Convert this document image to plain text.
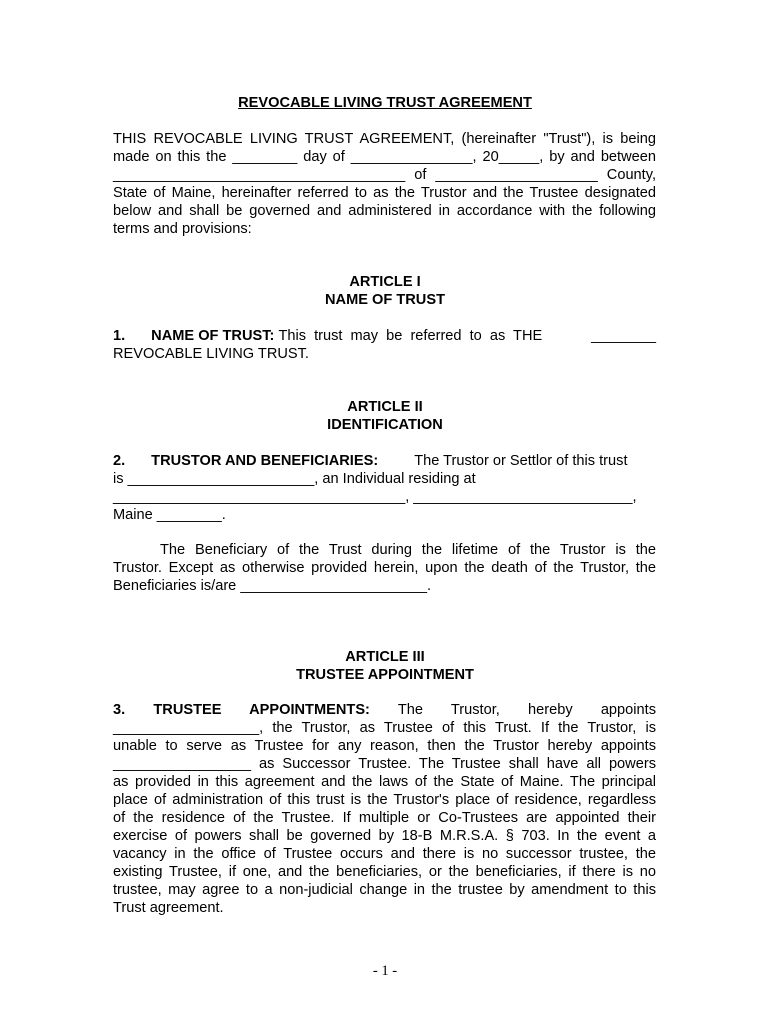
REVOCABLE LIVING TRUST AGREEMENT
THIS REVOCABLE LIVING TRUST AGREEMENT, (hereinafter "Trust"), is being
made on this the ________ day of _______________, 20_____, by and between
____________________________________ of ____________________ County,
State of Maine, hereinafter referred to as the Trustor and the Trustee designated
below and shall be governed and administered in accordance with the following
terms and provisions:
ARTICLE I
NAME OF TRUST
1. NAME OF TRUST: This trust may be referred to as THE	________
REVOCABLE LIVING TRUST.
ARTICLE II
IDENTIFICATION
2. TRUSTOR AND BENEFICIARIES: The Trustor or Settlor of this trust
is _______________________, an Individual residing at
____________________________________, ___________________________,
Maine ________.
The Beneficiary of the Trust during the lifetime of the Trustor is the
Trustor. Except as otherwise provided herein, upon the death of the Trustor, the
Beneficiaries is/are _______________________.
ARTICLE III
TRUSTEE APPOINTMENT
3. TRUSTEE APPOINTMENTS: The Trustor, hereby appoints
__________________, the Trustor, as Trustee of this Trust. If the Trustor, is
unable to serve as Trustee for any reason, then the Trustor hereby appoints
_________________ as Successor Trustee. The Trustee shall have all powers
as provided in this agreement and the laws of the State of Maine. The principal
place of administration of this trust is the Trustor's place of residence, regardless
of the residence of the Trustee. If multiple or Co-Trustees are appointed their
exercise of powers shall be governed by 18-B M.R.S.A. § 703. In the event a
vacancy in the office of Trustee occurs and there is no successor trustee, the
existing Trustee, if one, and the beneficiaries, or the beneficiaries, if there is no
trustee, may agree to a non-judicial change in the trustee by amendment to this
Trust agreement.
- 1 -
